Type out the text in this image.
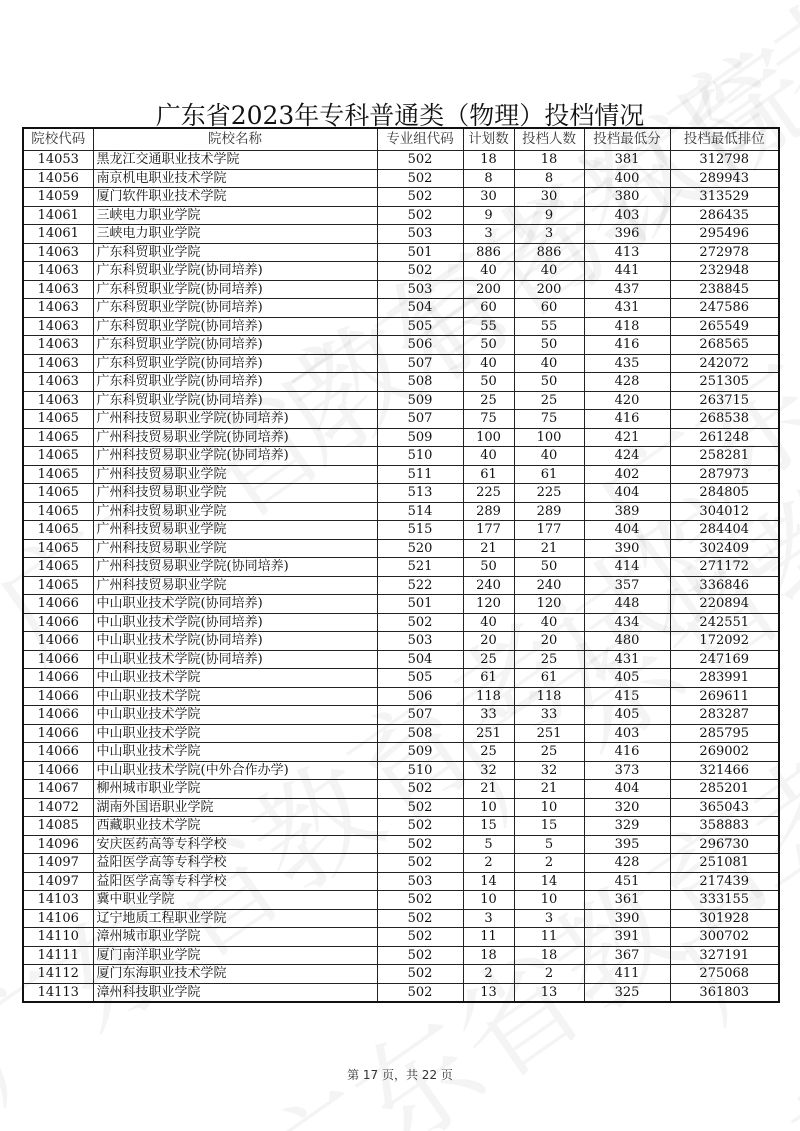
广东省2023年专科普通类（物理）投档情况
院校代码	院校名称	专业组代码	计划数	投档人数	投档最低分	投档最低排位
14053	黑龙江交通职业技术学院	502	18	18	381	312798
14056	南京机电职业技术学院	502	8	8	400	289943
14059	厦门软件职业技术学院	502	30	30	380	313529
14061	三峡电力职业学院	502	9	9	403	286435
14061	三峡电力职业学院	503	3	3	396	295496
14063	广东科贸职业学院	501	886	886	413	272978
14063	广东科贸职业学院(协同培养)	502	40	40	441	232948
14063	广东科贸职业学院(协同培养)	503	200	200	437	238845
14063	广东科贸职业学院(协同培养)	504	60	60	431	247586
14063	广东科贸职业学院(协同培养)	505	55	55	418	265549
14063	广东科贸职业学院(协同培养)	506	50	50	416	268565
14063	广东科贸职业学院(协同培养)	507	40	40	435	242072
14063	广东科贸职业学院(协同培养)	508	50	50	428	251305
14063	广东科贸职业学院(协同培养)	509	25	25	420	263715
14065	广州科技贸易职业学院(协同培养)	507	75	75	416	268538
14065	广州科技贸易职业学院(协同培养)	509	100	100	421	261248
14065	广州科技贸易职业学院(协同培养)	510	40	40	424	258281
14065	广州科技贸易职业学院	511	61	61	402	287973
14065	广州科技贸易职业学院	513	225	225	404	284805
14065	广州科技贸易职业学院	514	289	289	389	304012
14065	广州科技贸易职业学院	515	177	177	404	284404
14065	广州科技贸易职业学院	520	21	21	390	302409
14065	广州科技贸易职业学院(协同培养)	521	50	50	414	271172
14065	广州科技贸易职业学院	522	240	240	357	336846
14066	中山职业技术学院(协同培养)	501	120	120	448	220894
14066	中山职业技术学院(协同培养)	502	40	40	434	242551
14066	中山职业技术学院(协同培养)	503	20	20	480	172092
14066	中山职业技术学院(协同培养)	504	25	25	431	247169
14066	中山职业技术学院	505	61	61	405	283991
14066	中山职业技术学院	506	118	118	415	269611
14066	中山职业技术学院	507	33	33	405	283287
14066	中山职业技术学院	508	251	251	403	285795
14066	中山职业技术学院	509	25	25	416	269002
14066	中山职业技术学院(中外合作办学)	510	32	32	373	321466
14067	柳州城市职业学院	502	21	21	404	285201
14072	湖南外国语职业学院	502	10	10	320	365043
14085	西藏职业技术学院	502	15	15	329	358883
14096	安庆医药高等专科学校	502	5	5	395	296730
14097	益阳医学高等专科学校	502	2	2	428	251081
14097	益阳医学高等专科学校	503	14	14	451	217439
14103	冀中职业学院	502	10	10	361	333155
14106	辽宁地质工程职业学院	502	3	3	390	301928
14110	漳州城市职业学院	502	11	11	391	300702
14111	厦门南洋职业学院	502	18	18	367	327191
14112	厦门东海职业技术学院	502	2	2	411	275068
14113	漳州科技职业学院	502	13	13	325	361803
第 17 页，共 22 页
